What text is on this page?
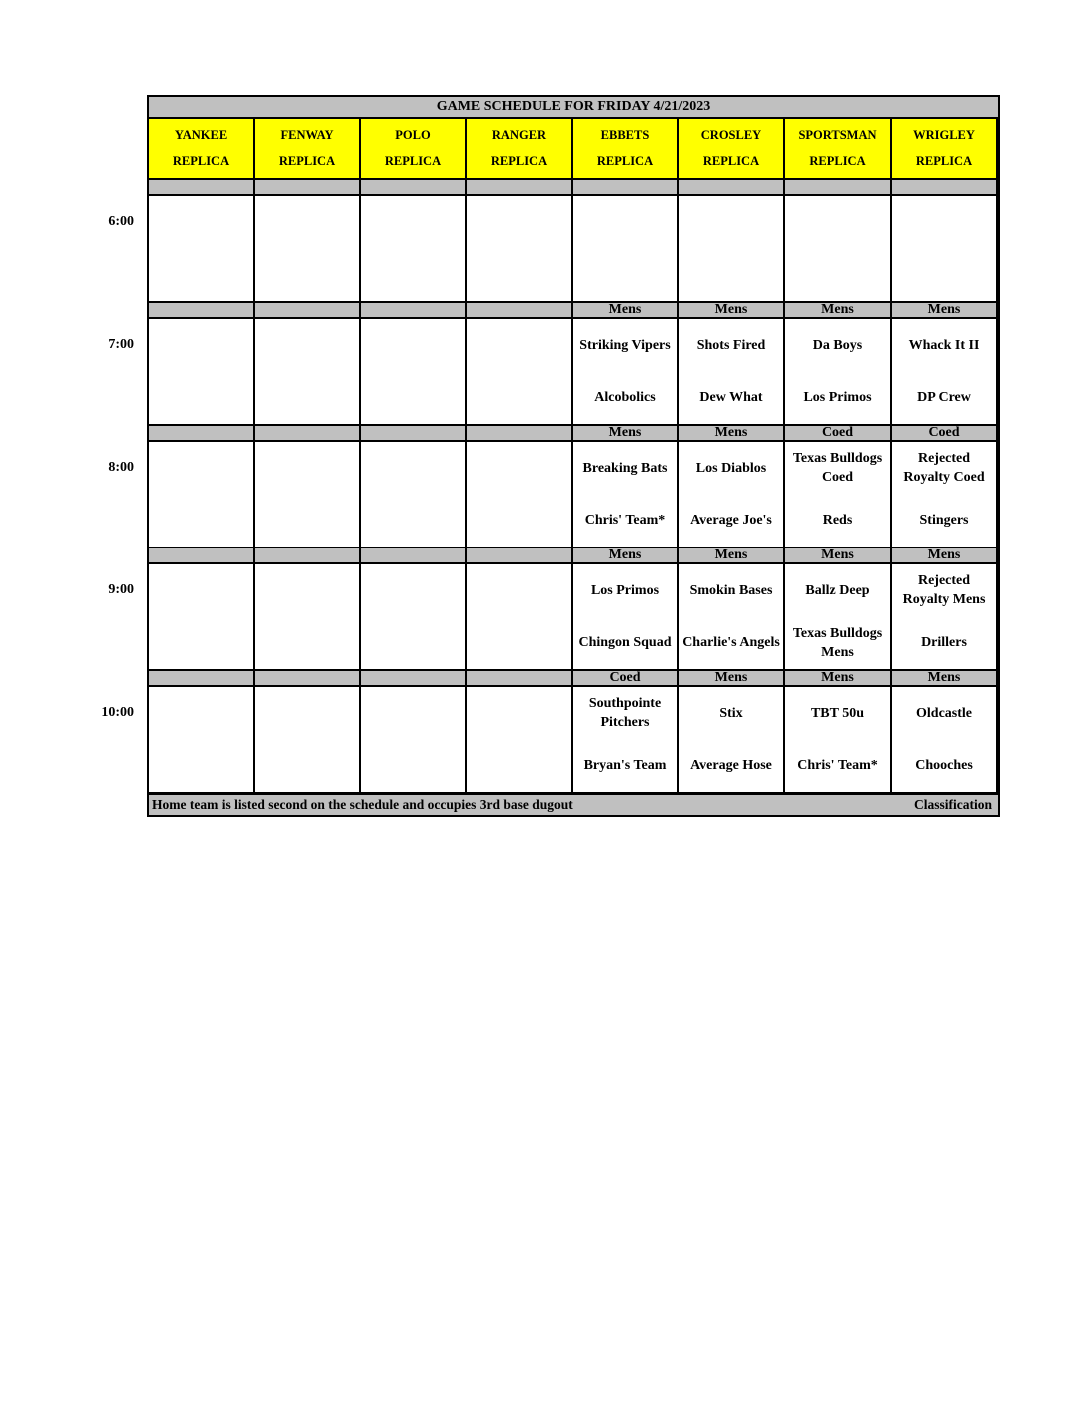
GAME SCHEDULE FOR FRIDAY 4/21/2023
YANKEE
REPLICA
FENWAY
REPLICA
POLO
REPLICA
RANGER
REPLICA
EBBETS
REPLICA
CROSLEY
REPLICA
SPORTSMAN
REPLICA
WRIGLEY
REPLICA
Mens
Striking Vipers
Alcobolics
Mens
Shots Fired
Dew What
Mens
Da Boys
Los Primos
Mens
Whack It II
DP Crew
Mens
Breaking Bats
Chris' Team*
Mens
Los Diablos
Average Joe's
Coed
Texas Bulldogs Coed
Reds
Coed
Rejected Royalty Coed
Stingers
Mens
Los Primos
Chingon Squad
Mens
Smokin Bases
Charlie's Angels
Mens
Ballz Deep
Texas Bulldogs Mens
Mens
Rejected Royalty Mens
Drillers
Coed
Southpointe Pitchers
Bryan's Team
Mens
Stix
Average Hose
Mens
TBT 50u
Chris' Team*
Mens
Oldcastle
Chooches
Home team is listed second on the schedule and occupies 3rd base dugout	Classification
6:00
7:00
8:00
9:00
10:00
